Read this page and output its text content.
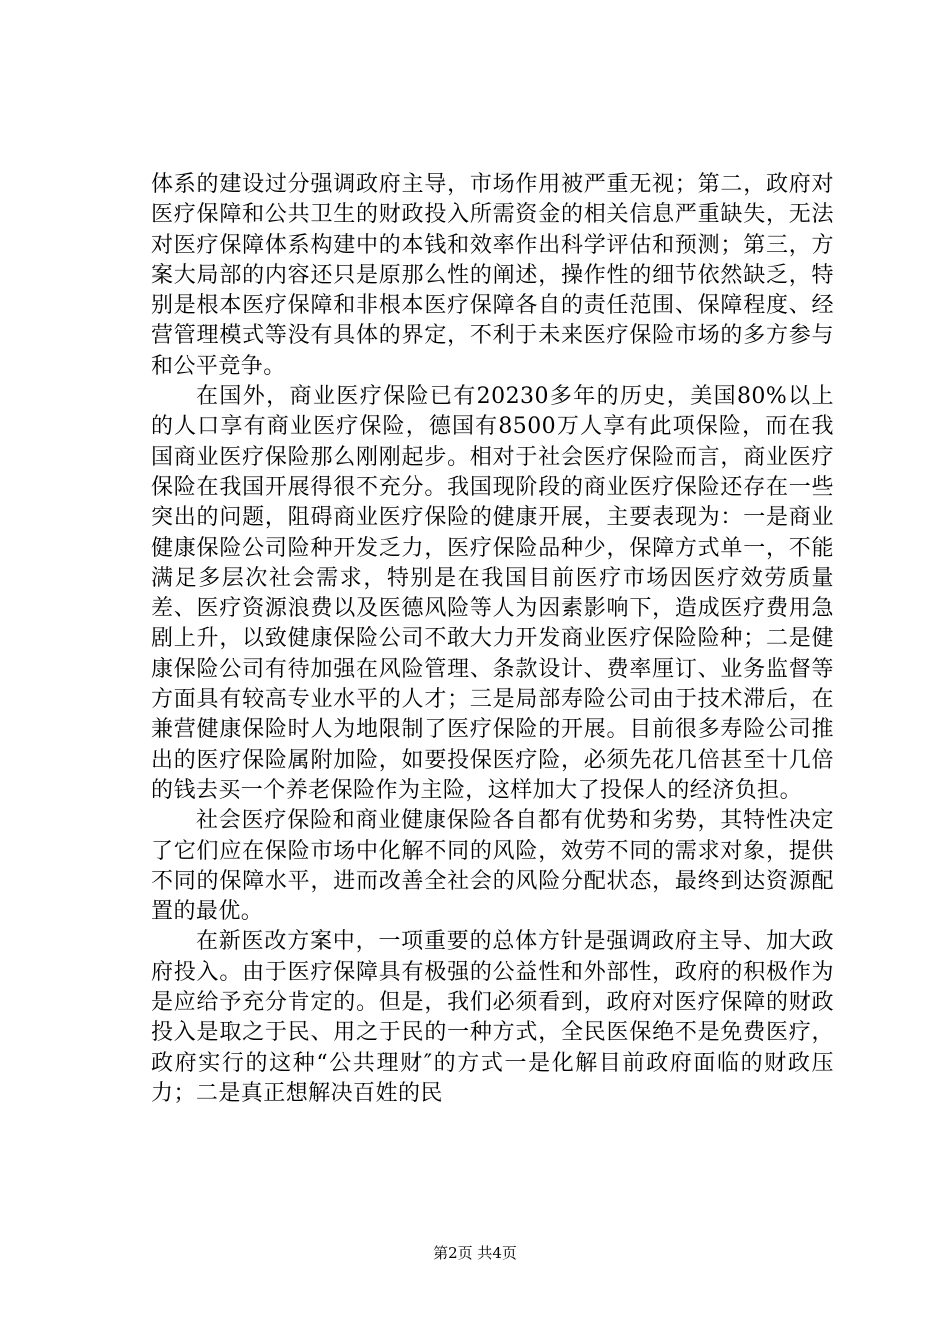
体系的建设过分强调政府主导，市场作用被严重无视；第二，政府对医疗保障和公共卫生的财政投入所需资金的相关信息严重缺失，无法对医疗保障体系构建中的本钱和效率作出科学评估和预测；第三，方案大局部的内容还只是原那么性的阐述，操作性的细节依然缺乏，特别是根本医疗保障和非根本医疗保障各自的责任范围、保障程度、经营管理模式等没有具体的界定，不利于未来医疗保险市场的多方参与和公平竞争。

在国外，商业医疗保险已有20230多年的历史，美国80%以上的人口享有商业医疗保险，德国有8500万人享有此项保险，而在我国商业医疗保险那么刚刚起步。相对于社会医疗保险而言，商业医疗保险在我国开展得很不充分。我国现阶段的商业医疗保险还存在一些突出的问题，阻碍商业医疗保险的健康开展，主要表现为：一是商业健康保险公司险种开发乏力，医疗保险品种少，保障方式单一，不能满足多层次社会需求，特别是在我国目前医疗市场因医疗效劳质量差、医疗资源浪费以及医德风险等人为因素影响下，造成医疗费用急剧上升，以致健康保险公司不敢大力开发商业医疗保险险种；二是健康保险公司有待加强在风险管理、条款设计、费率厘订、业务监督等方面具有较高专业水平的人才；三是局部寿险公司由于技术滞后，在兼营健康保险时人为地限制了医疗保险的开展。目前很多寿险公司推出的医疗保险属附加险，如要投保医疗险，必须先花几倍甚至十几倍的钱去买一个养老保险作为主险，这样加大了投保人的经济负担。

社会医疗保险和商业健康保险各自都有优势和劣势，其特性决定了它们应在保险市场中化解不同的风险，效劳不同的需求对象，提供不同的保障水平，进而改善全社会的风险分配状态，最终到达资源配置的最优。

在新医改方案中，一项重要的总体方针是强调政府主导、加大政府投入。由于医疗保障具有极强的公益性和外部性，政府的积极作为是应给予充分肯定的。但是，我们必须看到，政府对医疗保障的财政投入是取之于民、用之于民的一种方式，全民医保绝不是免费医疗，政府实行的这种“公共理财″的方式一是化解目前政府面临的财政压力；二是真正想解决百姓的民

第2页 共4页
